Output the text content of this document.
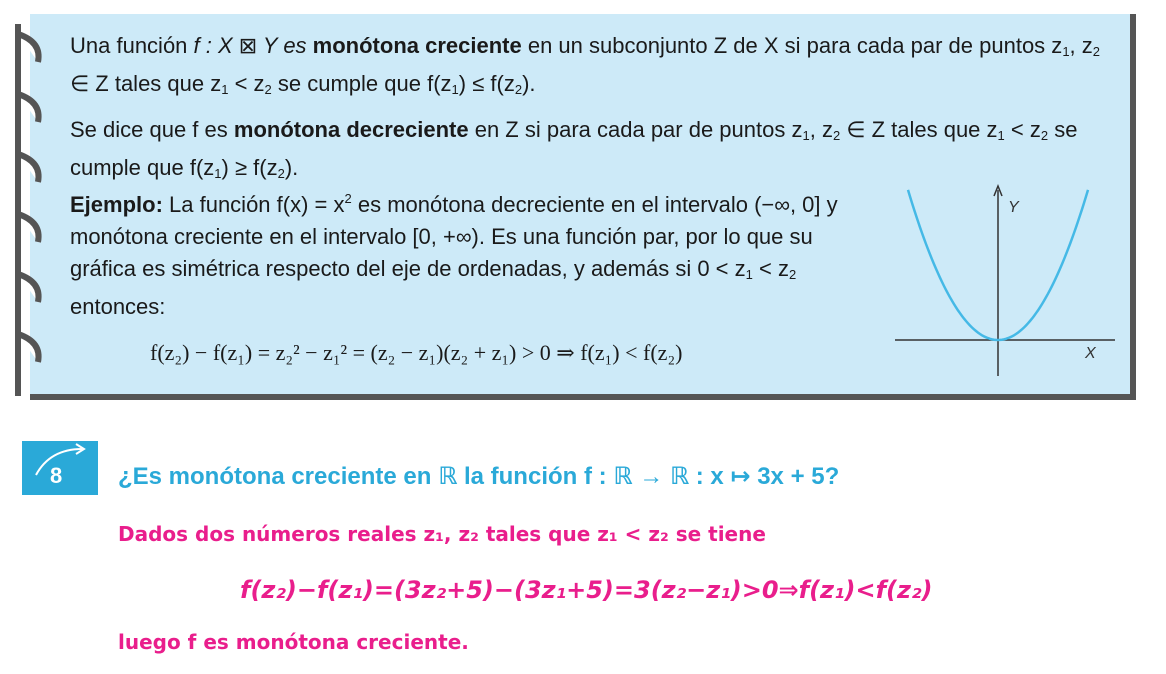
Una función f : X ⊠ Y es monótona creciente en un subconjunto Z de X si para cada par de puntos $z_1$, $z_2$ ∈ Z tales que $z_1 < z_2$ se cumple que $f(z_1) \le f(z_2)$.

Se dice que f es monótona decreciente en Z si para cada par de puntos $z_1$, $z_2$ ∈ Z tales que $z_1 < z_2$ se cumple que $f(z_1) \ge f(z_2)$.

Ejemplo: La función $f(x) = x^2$ es monótona decreciente en el intervalo (−∞, 0] y monótona creciente en el intervalo [0, +∞). Es una función par, por lo que su gráfica es simétrica respecto del eje de ordenadas, y además si $0 < z_1 < z_2$ entonces:
f(z₂) − f(z₁) = z₂² − z₁² = (z₂ − z₁)(z₂ + z₁) > 0 ⇒ f(z₁) < f(z₂)
Y
X
8 ¿Es monótona creciente en ℝ la función f : ℝ → ℝ : x ↦ 3x + 5?
Dados dos números reales z₁, z₂ tales que z₁ < z₂ se tiene
f(z₂)−f(z₁)=(3z₂+5)−(3z₁+5)=3(z₂−z₁)>0⇒f(z₁)<f(z₂)
luego f es monótona creciente.
